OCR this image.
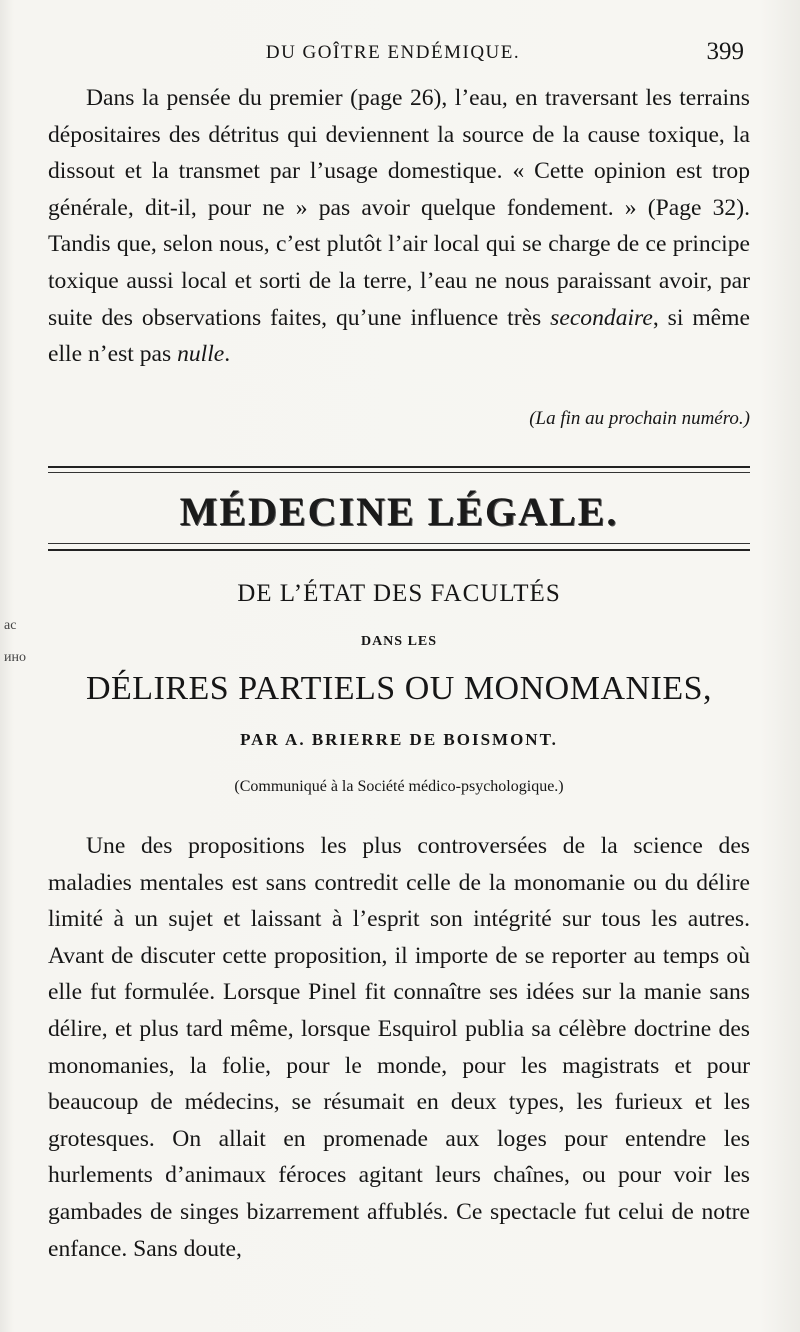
DU GOÎTRE ENDÉMIQUE.	399

Dans la pensée du premier (page 26), l’eau, en traversant les terrains dépositaires des détritus qui deviennent la source de la cause toxique, la dissout et la transmet par l’usage domestique. « Cette opinion est trop générale, dit-il, pour ne » pas avoir quelque fondement. » (Page 32). Tandis que, selon nous, c’est plutôt l’air local qui se charge de ce principe toxique aussi local et sorti de la terre, l’eau ne nous paraissant avoir, par suite des observations faites, qu’une influence très secondaire, si même elle n’est pas nulle.

(La fin au prochain numéro.)
MÉDECINE LÉGALE.
ac
ино
DE L’ÉTAT DES FACULTÉS
DANS LES
DÉLIRES PARTIELS OU MONOMANIES,
PAR A. BRIERRE DE BOISMONT.
(Communiqué à la Société médico-psychologique.)

Une des propositions les plus controversées de la science des maladies mentales est sans contredit celle de la monomanie ou du délire limité à un sujet et laissant à l’esprit son intégrité sur tous les autres. Avant de discuter cette proposition, il importe de se reporter au temps où elle fut formulée. Lorsque Pinel fit connaître ses idées sur la manie sans délire, et plus tard même, lorsque Esquirol publia sa célèbre doctrine des monomanies, la folie, pour le monde, pour les magistrats et pour beaucoup de médecins, se résumait en deux types, les furieux et les grotesques. On allait en promenade aux loges pour entendre les hurlements d’animaux féroces agitant leurs chaînes, ou pour voir les gambades de singes bizarrement affublés. Ce spectacle fut celui de notre enfance. Sans doute,
